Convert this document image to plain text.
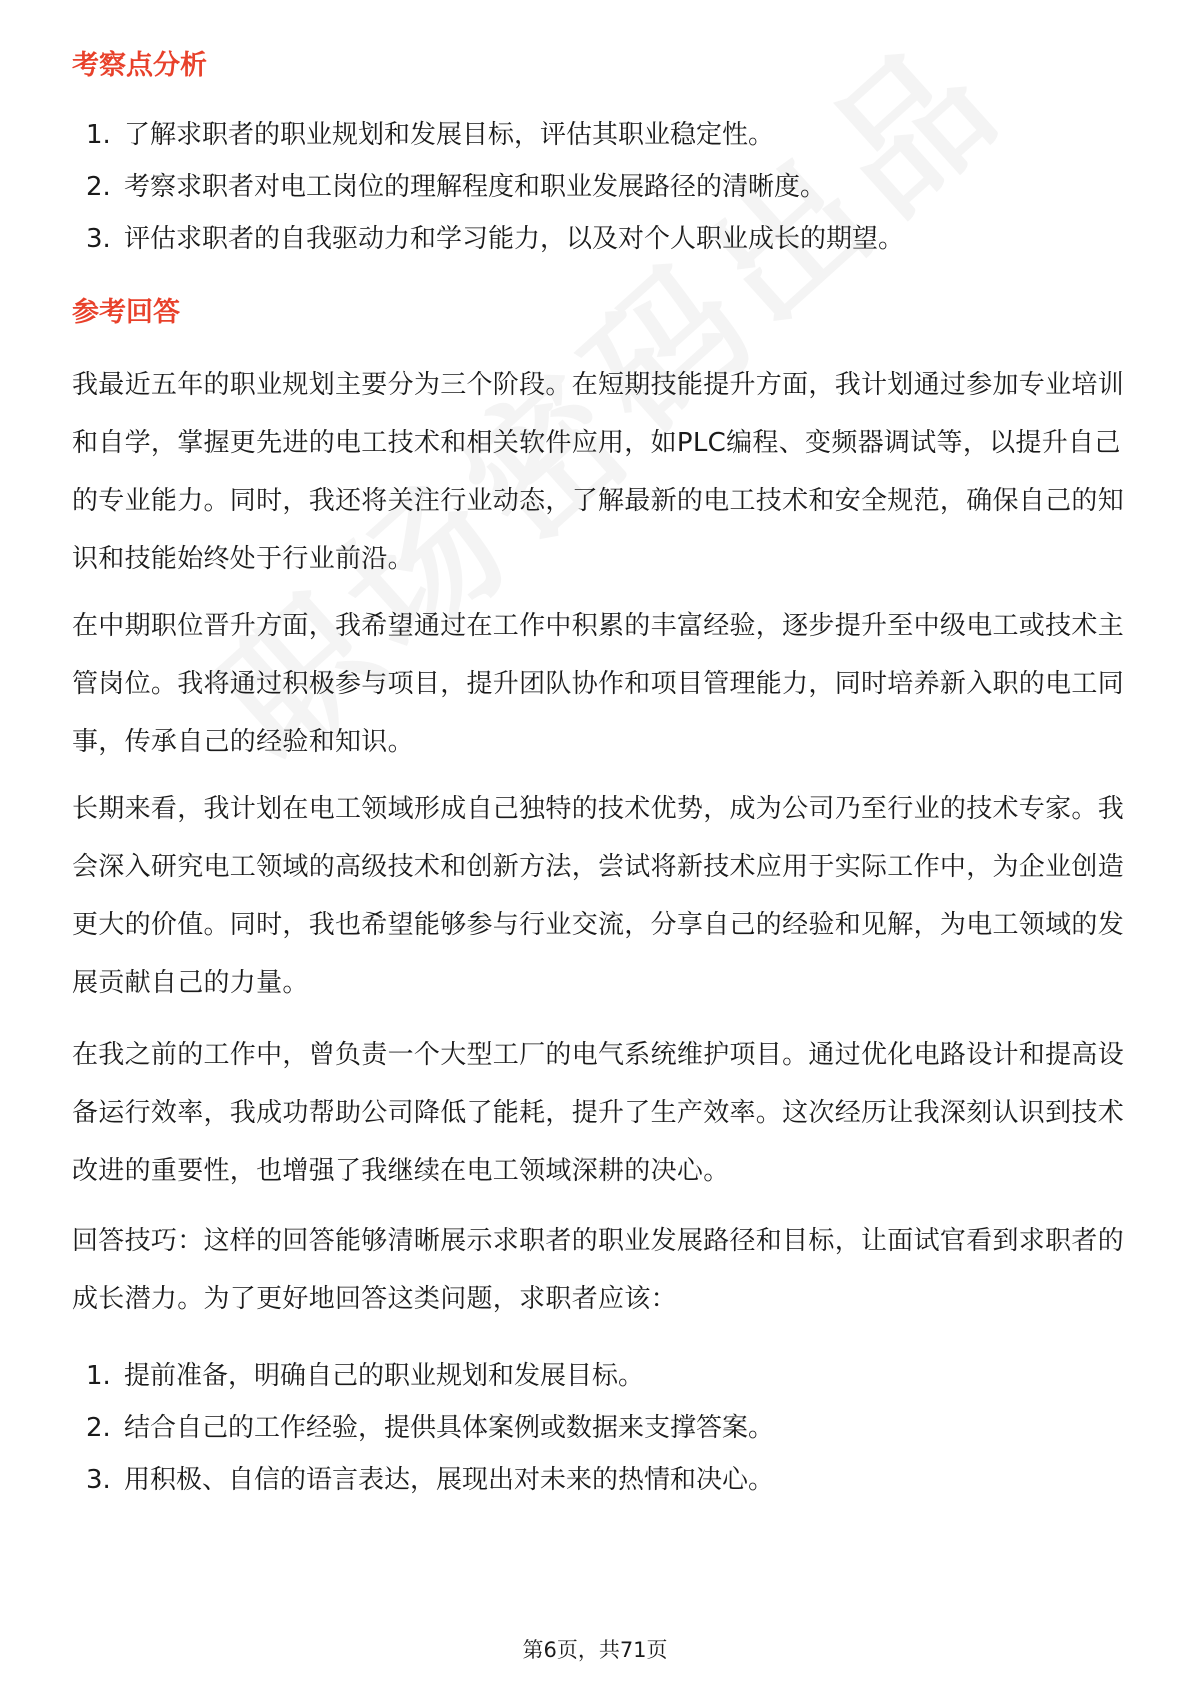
考察点分析
1. 了解求职者的职业规划和发展目标，评估其职业稳定性。
2. 考察求职者对电工岗位的理解程度和职业发展路径的清晰度。
3. 评估求职者的自我驱动力和学习能力，以及对个人职业成长的期望。
参考回答

我最近五年的职业规划主要分为三个阶段。在短期技能提升方面，我计划通过参加专业培训和自学，掌握更先进的电工技术和相关软件应用，如PLC编程、变频器调试等，以提升自己的专业能力。同时，我还将关注行业动态，了解最新的电工技术和安全规范，确保自己的知识和技能始终处于行业前沿。

在中期职位晋升方面，我希望通过在工作中积累的丰富经验，逐步提升至中级电工或技术主管岗位。我将通过积极参与项目，提升团队协作和项目管理能力，同时培养新入职的电工同事，传承自己的经验和知识。

长期来看，我计划在电工领域形成自己独特的技术优势，成为公司乃至行业的技术专家。我会深入研究电工领域的高级技术和创新方法，尝试将新技术应用于实际工作中，为企业创造更大的价值。同时，我也希望能够参与行业交流，分享自己的经验和见解，为电工领域的发展贡献自己的力量。

在我之前的工作中，曾负责一个大型工厂的电气系统维护项目。通过优化电路设计和提高设备运行效率，我成功帮助公司降低了能耗，提升了生产效率。这次经历让我深刻认识到技术改进的重要性，也增强了我继续在电工领域深耕的决心。

回答技巧：这样的回答能够清晰展示求职者的职业发展路径和目标，让面试官看到求职者的成长潜力。为了更好地回答这类问题，求职者应该：

1. 提前准备，明确自己的职业规划和发展目标。
2. 结合自己的工作经验，提供具体案例或数据来支撑答案。
3. 用积极、自信的语言表达，展现出对未来的热情和决心。
第6页，共71页
